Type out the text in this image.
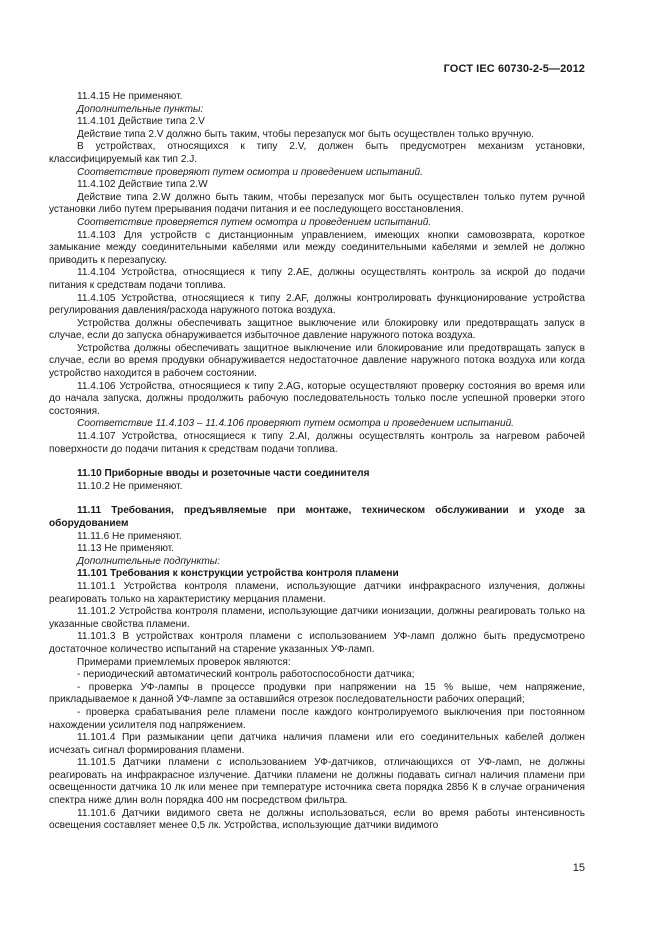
ГОСТ IEC 60730-2-5—2012

11.4.15 Не применяют.

Дополнительные пункты:

11.4.101 Действие типа 2.V

Действие типа 2.V должно быть таким, чтобы перезапуск мог быть осуществлен только вручную.

В устройствах, относящихся к типу 2.V, должен быть предусмотрен механизм установки, классифицируемый как тип 2.J.

Соответствие проверяют путем осмотра и проведением испытаний.

11.4.102 Действие типа 2.W

Действие типа 2.W должно быть таким, чтобы перезапуск мог быть осуществлен только путем ручной установки либо путем прерывания подачи питания и ее последующего восстановления.

Соответствие проверяется путем осмотра и проведением испытаний.

11.4.103 Для устройств с дистанционным управлением, имеющих кнопки самовозврата, короткое замыкание между соединительными кабелями или между соединительными кабелями и землей не должно приводить к перезапуску.

11.4.104 Устройства, относящиеся к типу 2.AE, должны осуществлять контроль за искрой до подачи питания к средствам подачи топлива.

11.4.105 Устройства, относящиеся к типу 2.AF, должны контролировать функционирование устройства регулирования давления/расхода наружного потока воздуха.

Устройства должны обеспечивать защитное выключение или блокировку или предотвращать запуск в случае, если до запуска обнаруживается избыточное давление наружного потока воздуха.

Устройства должны обеспечивать защитное выключение или блокирование или предотвращать запуск в случае, если во время продувки обнаруживается недостаточное давление наружного потока воздуха или когда устройство находится в рабочем состоянии.

11.4.106 Устройства, относящиеся к типу 2.AG, которые осуществляют проверку состояния во время или до начала запуска, должны продолжить рабочую последовательность только после успешной проверки этого состояния.

Соответствие 11.4.103 – 11.4.106 проверяют путем осмотра и проведением испытаний.

11.4.107 Устройства, относящиеся к типу 2.AI, должны осуществлять контроль за нагревом рабочей поверхности до подачи питания к средствам подачи топлива.

11.10 Приборные вводы и розеточные части соединителя

11.10.2 Не применяют.

11.11 Требования, предъявляемые при монтаже, техническом обслуживании и уходе за оборудованием

11.11.6 Не применяют.

11.13 Не применяют.

Дополнительные подпункты:

11.101 Требования к конструкции устройства контроля пламени

11.101.1 Устройства контроля пламени, использующие датчики инфракрасного излучения, должны реагировать только на характеристику мерцания пламени.

11.101.2 Устройства контроля пламени, использующие датчики ионизации, должны реагировать только на указанные свойства пламени.

11.101.3 В устройствах контроля пламени с использованием УФ-ламп должно быть предусмотрено достаточное количество испытаний на старение указанных УФ-ламп.

Примерами приемлемых проверок являются:

- периодический автоматический контроль работоспособности датчика;

- проверка УФ-лампы в процессе продувки при напряжении на 15 % выше, чем напряжение, прикладываемое к данной УФ-лампе за оставшийся отрезок последовательности рабочих операций;

- проверка срабатывания реле пламени после каждого контролируемого выключения при постоянном нахождении усилителя под напряжением.

11.101.4 При размыкании цепи датчика наличия пламени или его соединительных кабелей должен исчезать сигнал формирования пламени.

11.101.5 Датчики пламени с использованием УФ-датчиков, отличающихся от УФ-ламп, не должны реагировать на инфракрасное излучение. Датчики пламени не должны подавать сигнал наличия пламени при освещенности датчика 10 лк или менее при температуре источника света порядка 2856 К в случае ограничения спектра ниже длин волн порядка 400 нм посредством фильтра.

11.101.6 Датчики видимого света не должны использоваться, если во время работы интенсивность освещения составляет менее 0,5 лк. Устройства, использующие датчики видимого

15
